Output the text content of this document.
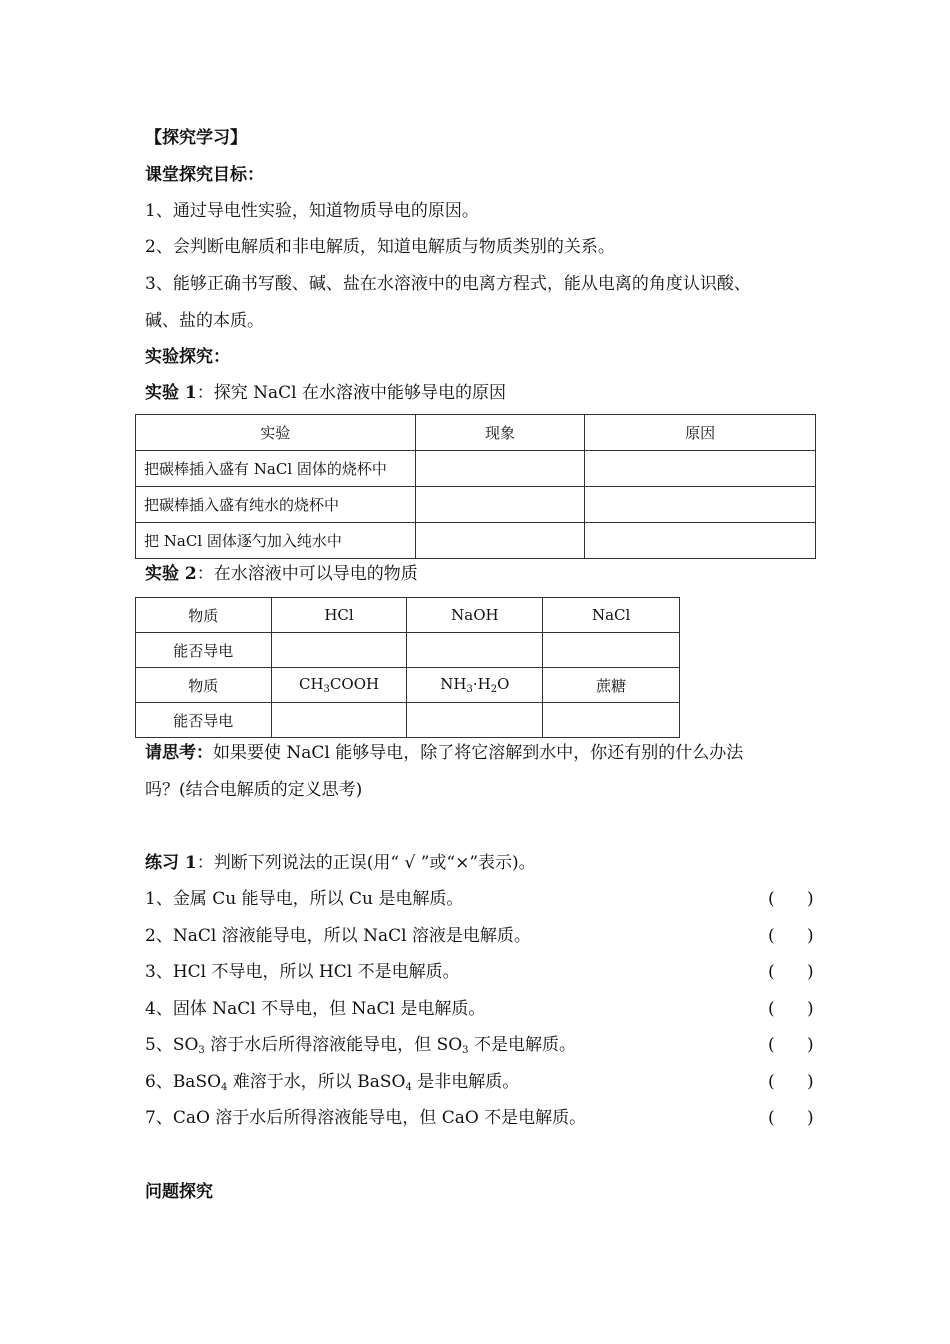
【探究学习】
课堂探究目标：
1、通过导电性实验，知道物质导电的原因。
2、会判断电解质和非电解质，知道电解质与物质类别的关系。
3、能够正确书写酸、碱、盐在水溶液中的电离方程式，能从电离的角度认识酸、
碱、盐的本质。
实验探究：
实验 1：探究 NaCl 在水溶液中能够导电的原因
实验	现象	原因
把碳棒插入盛有 NaCl 固体的烧杯中		
把碳棒插入盛有纯水的烧杯中		
把 NaCl 固体逐勺加入纯水中		
实验 2：在水溶液中可以导电的物质
物质	HCl	NaOH	NaCl
能否导电			
物质	$CH_3COOH$	$NH_3\cdot H_2O$	蔗糖
能否导电			
请思考：如果要使 NaCl 能够导电，除了将它溶解到水中，你还有别的什么办法
吗？(结合电解质的定义思考)
练习 1：判断下列说法的正误(用“ √ ”或“×”表示)。
1、金属 Cu 能导电，所以 Cu 是电解质。	(      )
2、NaCl 溶液能导电，所以 NaCl 溶液是电解质。	(      )
3、HCl 不导电，所以 HCl 不是电解质。	(      )
4、固体 NaCl 不导电，但 NaCl 是电解质。	(      )
5、$SO_3$ 溶于水后所得溶液能导电，但 $SO_3$ 不是电解质。	(      )
6、BaSO$_4$ 难溶于水，所以 BaSO$_4$ 是非电解质。	(      )
7、CaO 溶于水后所得溶液能导电，但 CaO 不是电解质。	(      )
问题探究
